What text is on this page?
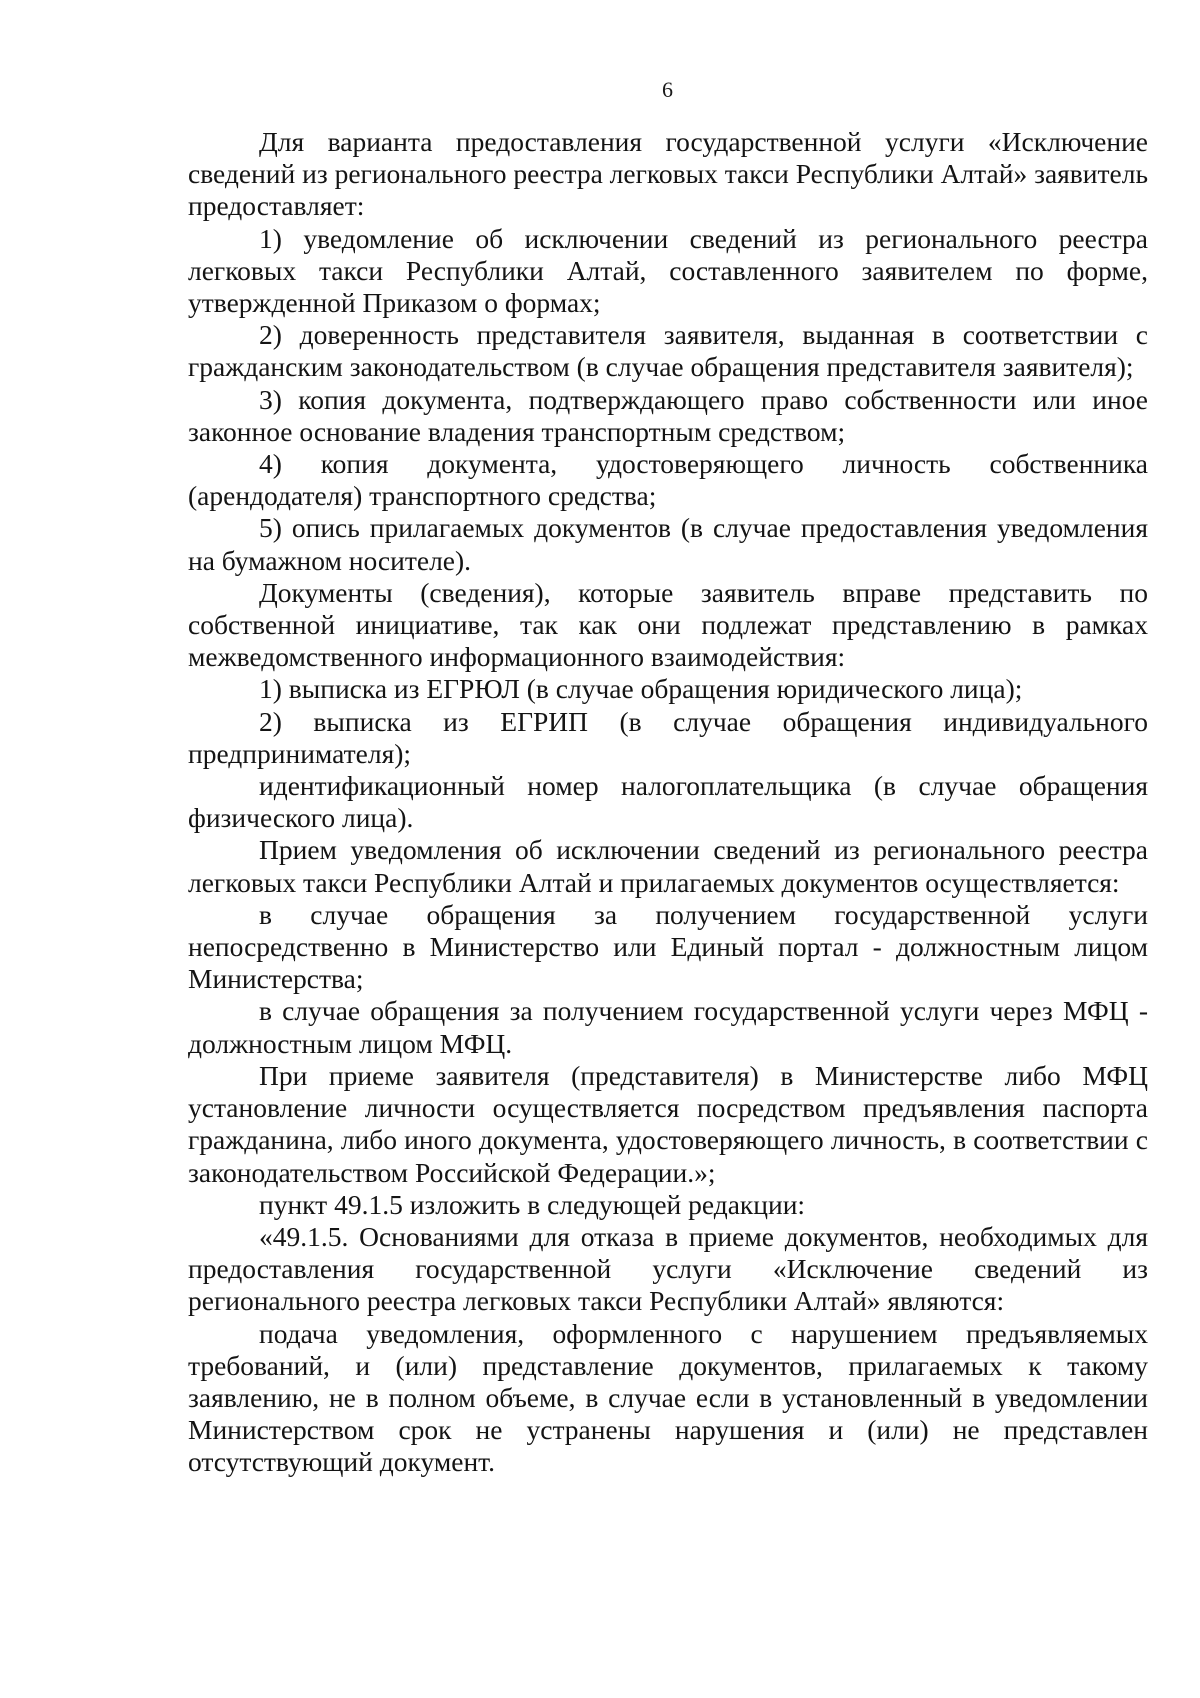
6

Для варианта предоставления государственной услуги «Исключение сведений из регионального реестра легковых такси Республики Алтай» заявитель предоставляет:

1) уведомление об исключении сведений из регионального реестра легковых такси Республики Алтай, составленного заявителем по форме, утвержденной Приказом о формах;

2) доверенность представителя заявителя, выданная в соответствии с гражданским законодательством (в случае обращения представителя заявителя);

3) копия документа, подтверждающего право собственности или иное законное основание владения транспортным средством;

4) копия документа, удостоверяющего личность собственника (арендодателя) транспортного средства;

5) опись прилагаемых документов (в случае предоставления уведомления на бумажном носителе).

Документы (сведения), которые заявитель вправе представить по собственной инициативе, так как они подлежат представлению в рамках межведомственного информационного взаимодействия:

1) выписка из ЕГРЮЛ (в случае обращения юридического лица);

2) выписка из ЕГРИП (в случае обращения индивидуального предпринимателя);

идентификационный номер налогоплательщика (в случае обращения физического лица).

Прием уведомления об исключении сведений из регионального реестра легковых такси Республики Алтай и прилагаемых документов осуществляется:

в случае обращения за получением государственной услуги непосредственно в Министерство или Единый портал - должностным лицом Министерства;

в случае обращения за получением государственной услуги через МФЦ - должностным лицом МФЦ.

При приеме заявителя (представителя) в Министерстве либо МФЦ установление личности осуществляется посредством предъявления паспорта гражданина, либо иного документа, удостоверяющего личность, в соответствии с законодательством Российской Федерации.»;

пункт 49.1.5 изложить в следующей редакции:

«49.1.5. Основаниями для отказа в приеме документов, необходимых для предоставления государственной услуги «Исключение сведений из регионального реестра легковых такси Республики Алтай» являются:

подача уведомления, оформленного с нарушением предъявляемых требований, и (или) представление документов, прилагаемых к такому заявлению, не в полном объеме, в случае если в установленный в уведомлении Министерством срок не устранены нарушения и (или) не представлен отсутствующий документ.
